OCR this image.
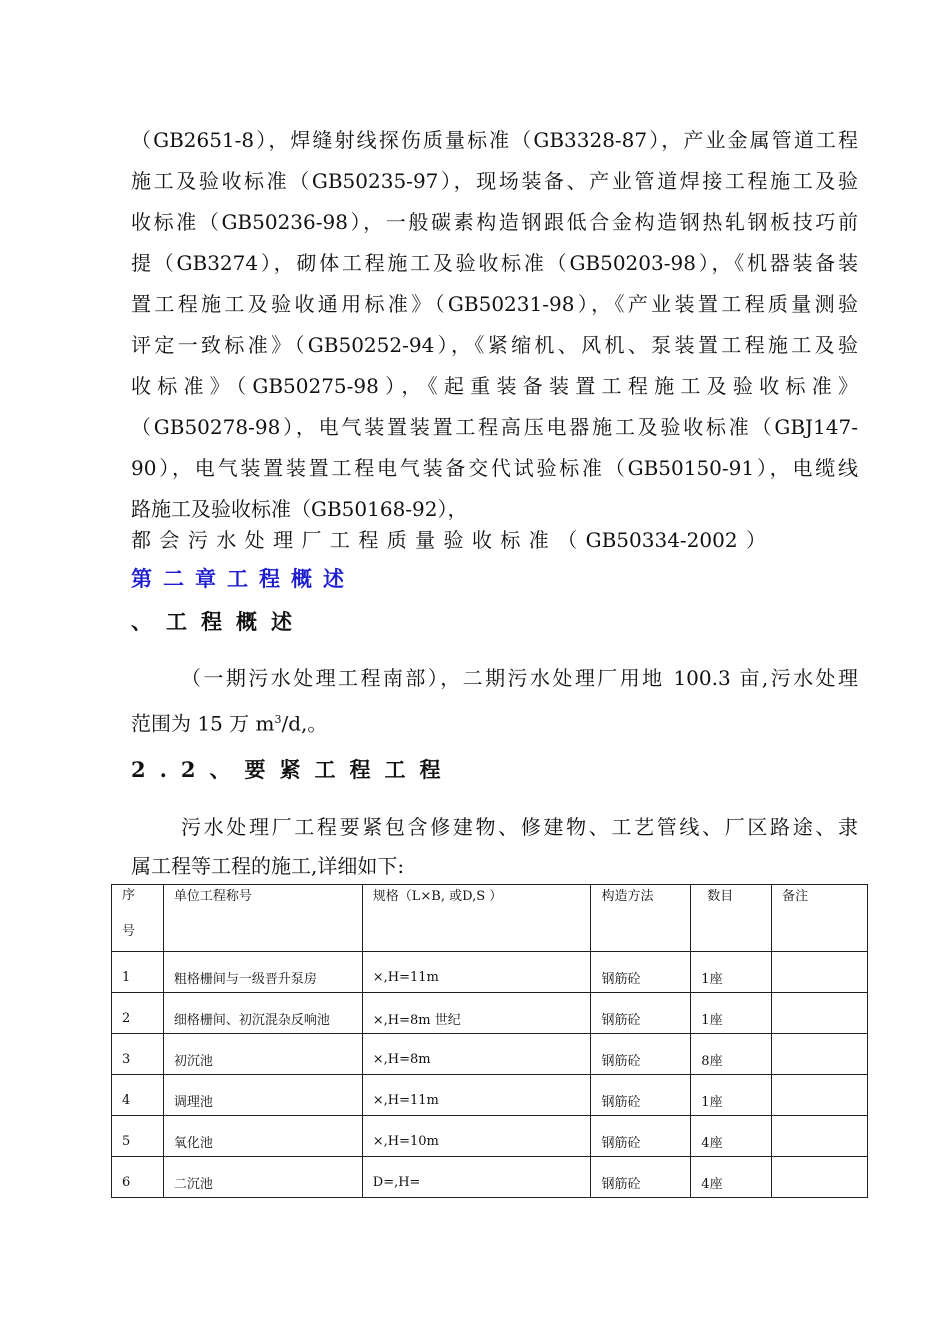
（GB2651-8），焊缝射线探伤质量标准（GB3328-87），产业金属管道工程
施工及验收标准（GB50235-97），现场装备、产业管道焊接工程施工及验
收标准（GB50236-98），一般碳素构造钢跟低合金构造钢热轧钢板技巧前
提（GB3274），砌体工程施工及验收标准（GB50203-98），《机器装备装
置工程施工及验收通用标准》（GB50231-98），《产业装置工程质量测验
评定一致标准》（GB50252-94），《紧缩机、风机、泵装置工程施工及验
收标准》（GB50275-98），《起重装备装置工程施工及验收标准》
（GB50278-98），电气装置装置工程高压电器施工及验收标准（GBJ147-
90），电气装置装置工程电气装备交代试验标准（GB50150-91），电缆线
路施工及验收标准（GB50168-92），
都会污水处理厂工程质量验收标准（GB50334-2002）
第二章工程概述
、工程概述
（一期污水处理工程南部），二期污水处理厂用地 100.3 亩,污水处理
范围为 15 万 $m^3/d$,。
2.2、要紧工程工程
污水处理厂工程要紧包含修建物、修建物、工艺管线、厂区路途、隶
属工程等工程的施工,详细如下:
序
号	单位工程称号	规格（L×B, 或D,S ）	构造方法	数目	备注
1	粗格栅间与一级晋升泵房	×,H=11m	钢筋砼	1座	
2	细格栅间、初沉混杂反响池	×,H=8m 世纪	钢筋砼	1座	
3	初沉池	×,H=8m	钢筋砼	8座	
4	调理池	×,H=11m	钢筋砼	1座	
5	氧化池	×,H=10m	钢筋砼	4座	
6	二沉池	D=,H=	钢筋砼	4座	
